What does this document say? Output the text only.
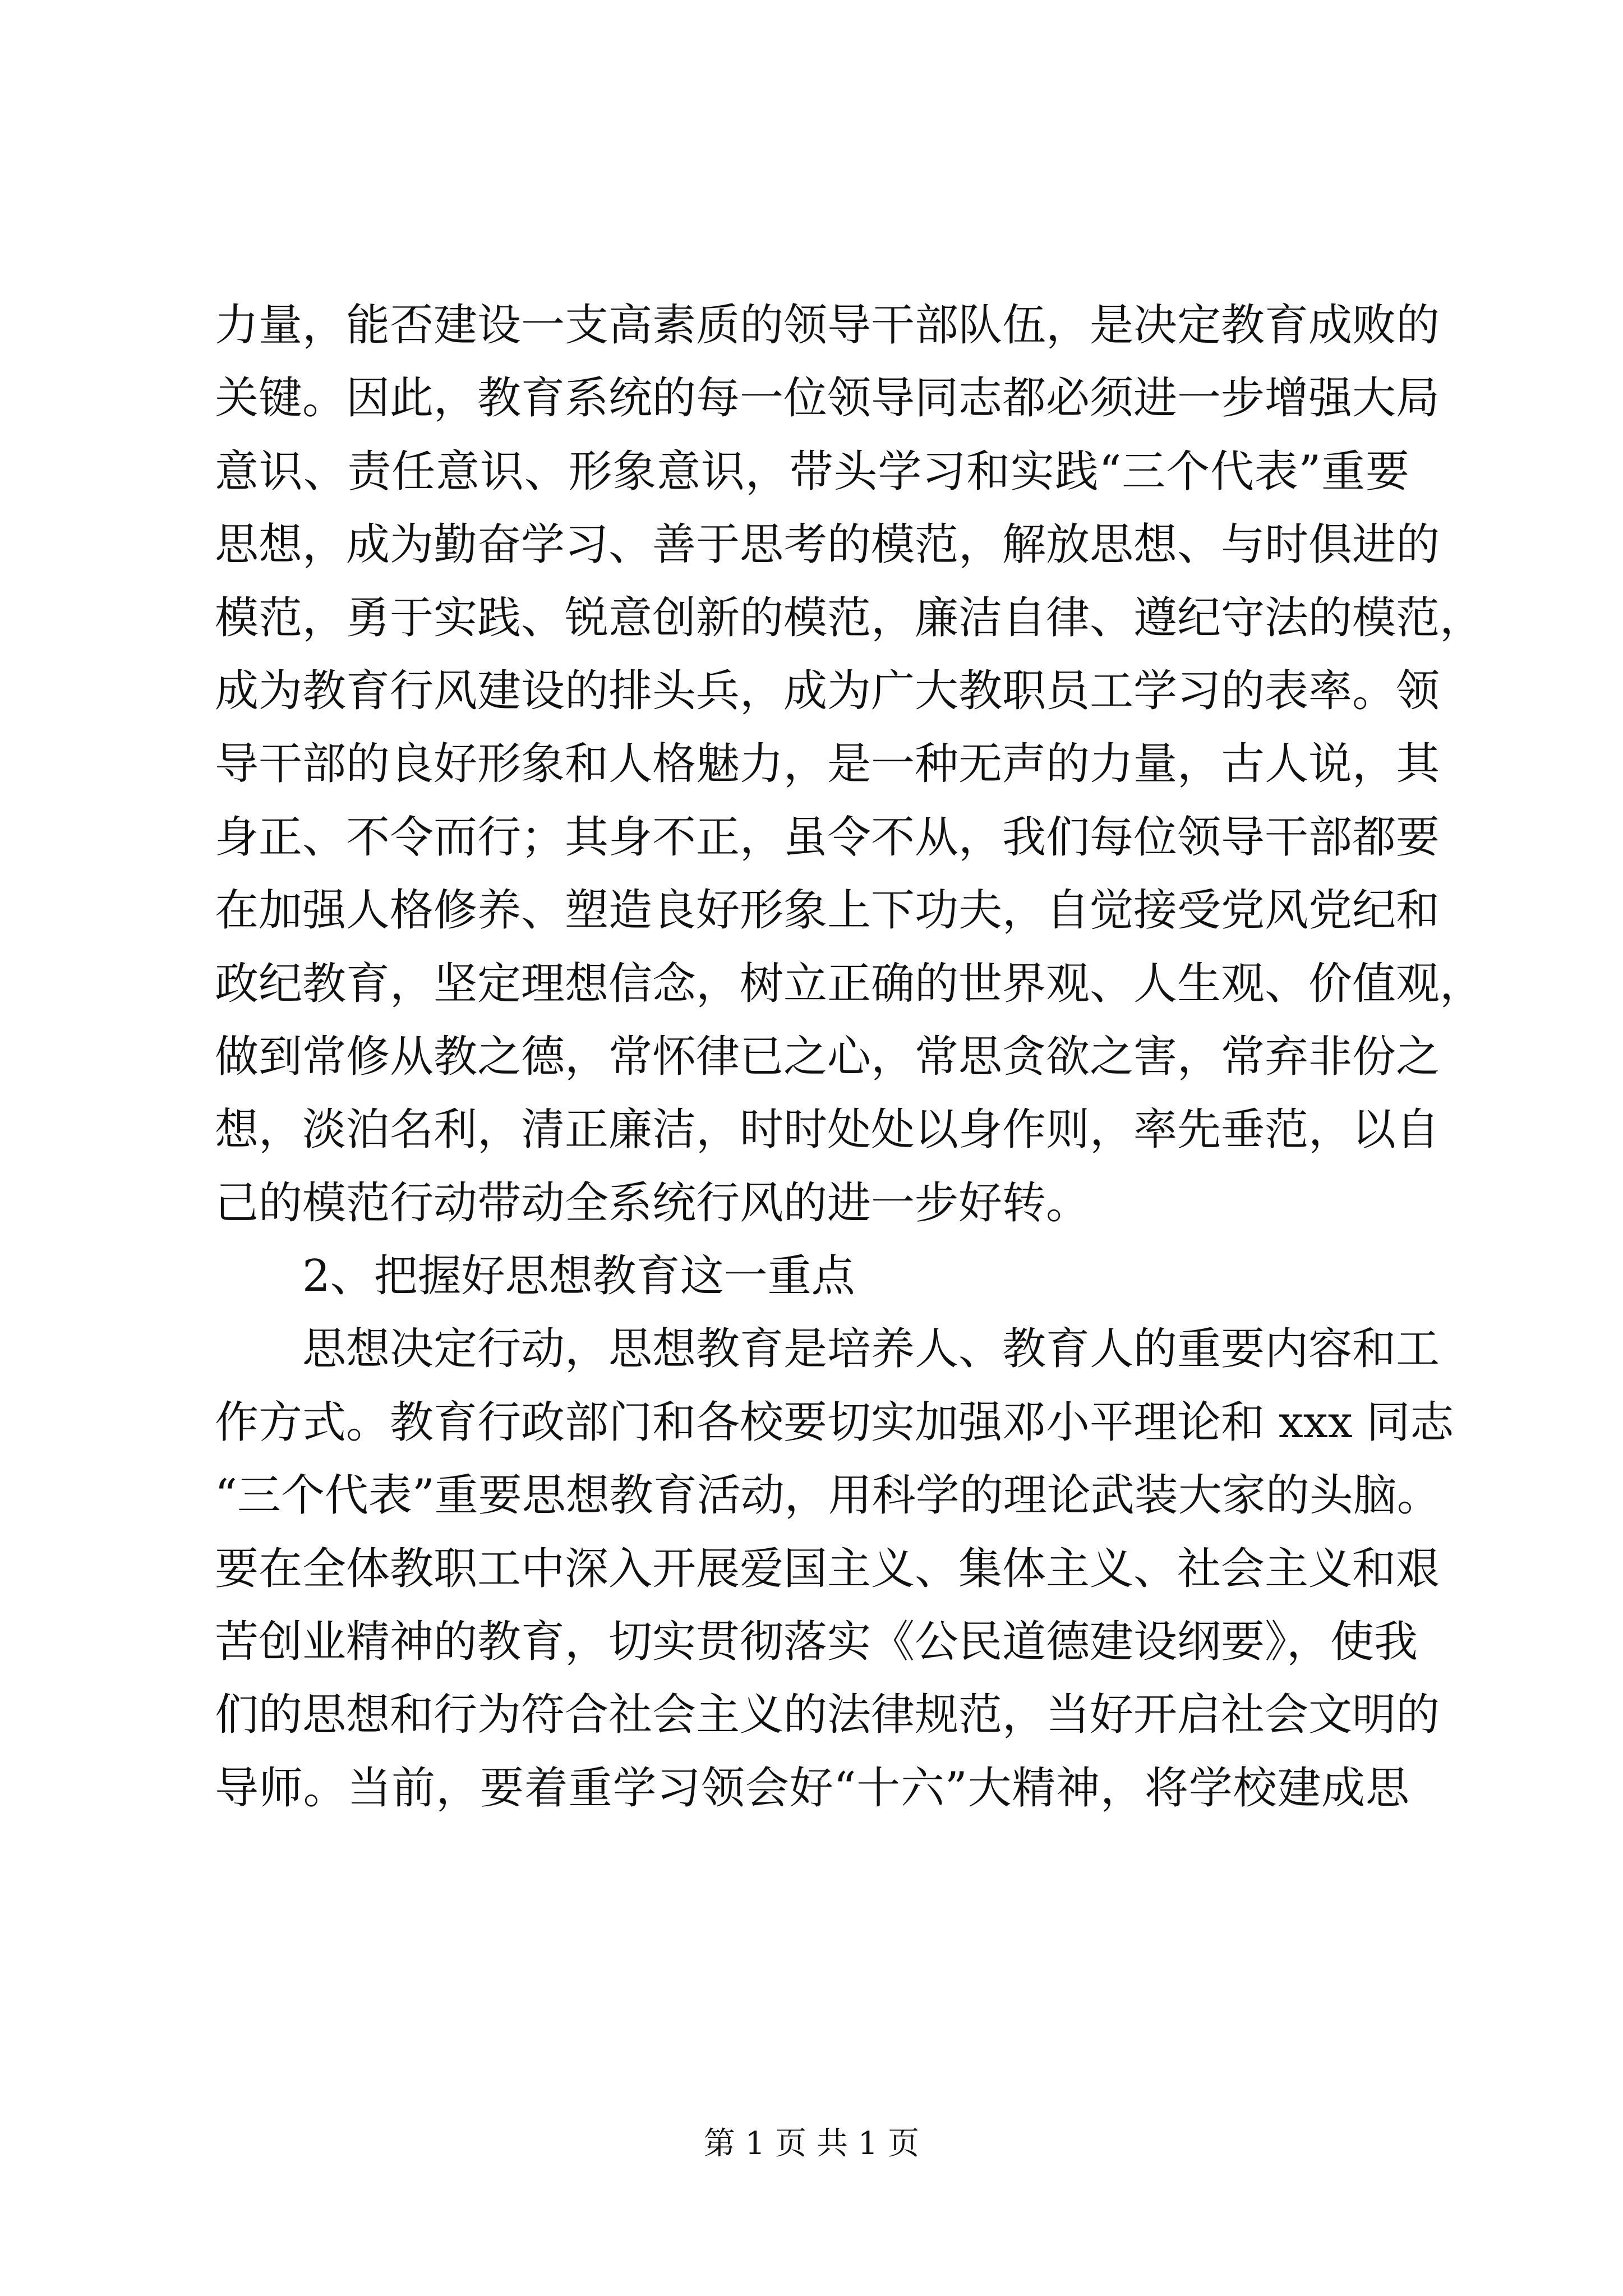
力量，能否建设一支高素质的领导干部队伍，是决定教育成败的
关键。因此，教育系统的每一位领导同志都必须进一步增强大局
意识、责任意识、形象意识，带头学习和实践“三个代表”重要
思想，成为勤奋学习、善于思考的模范，解放思想、与时俱进的
模范，勇于实践、锐意创新的模范，廉洁自律、遵纪守法的模范，
成为教育行风建设的排头兵，成为广大教职员工学习的表率。领
导干部的良好形象和人格魅力，是一种无声的力量，古人说，其
身正、不令而行；其身不正，虽令不从，我们每位领导干部都要
在加强人格修养、塑造良好形象上下功夫，自觉接受党风党纪和
政纪教育，坚定理想信念，树立正确的世界观、人生观、价值观，
做到常修从教之德，常怀律已之心，常思贪欲之害，常弃非份之
想，淡泊名利，清正廉洁，时时处处以身作则，率先垂范，以自
己的模范行动带动全系统行风的进一步好转。
2、把握好思想教育这一重点
思想决定行动，思想教育是培养人、教育人的重要内容和工
作方式。教育行政部门和各校要切实加强邓小平理论和 xxx 同志
“三个代表”重要思想教育活动，用科学的理论武装大家的头脑。
要在全体教职工中深入开展爱国主义、集体主义、社会主义和艰
苦创业精神的教育，切实贯彻落实《公民道德建设纲要》，使我
们的思想和行为符合社会主义的法律规范，当好开启社会文明的
导师。当前，要着重学习领会好“十六”大精神，将学校建成思
第 1 页 共 1 页
